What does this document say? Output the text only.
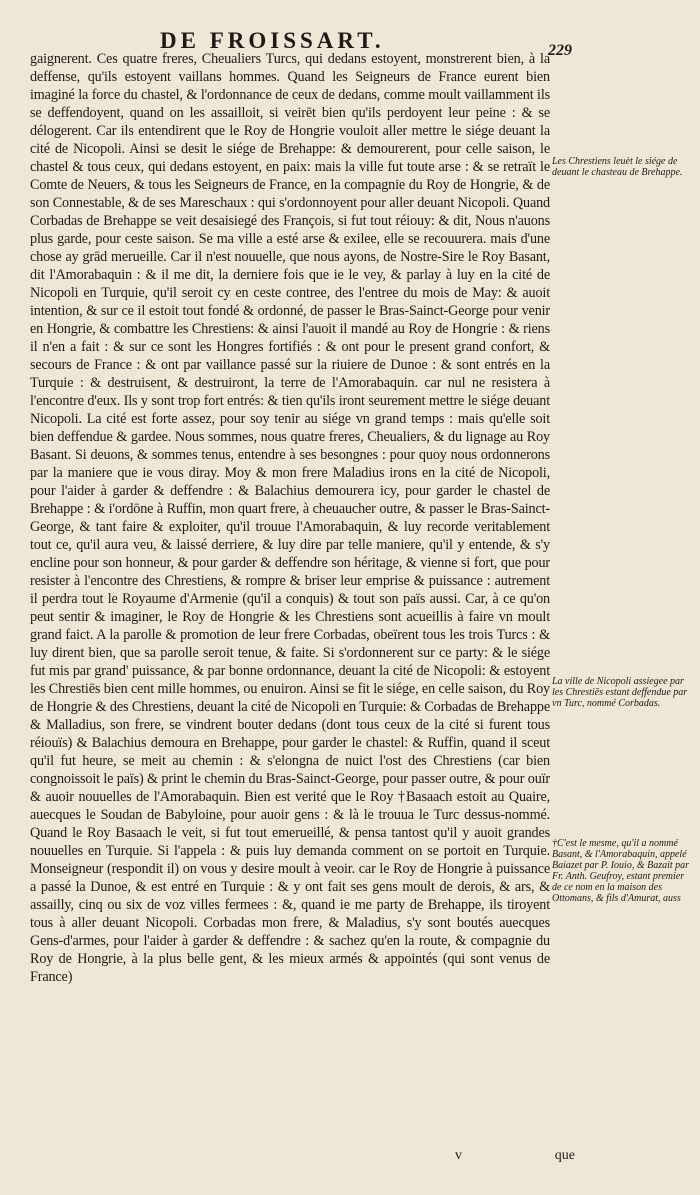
DE FROISSART.	229

gaignerent. Ces quatre freres, Cheualiers Turcs, qui dedans estoyent, monstrerent bien, à la deffense, qu'ils estoyent vaillans hommes. Quand les Seigneurs de France eurent bien imaginé la force du chastel, & l'ordonnance de ceux de dedans, comme moult vaillamment ils se deffendoyent, quand on les assailloit, si veirēt bien qu'ils perdoyent leur peine : & se délogerent. Car ils entendirent que le Roy de Hongrie vouloit aller mettre le siége deuant la cité de Nicopoli. Ainsi se desit le siége de Brehappe: & demourerent, pour celle saison, le chastel & tous ceux, qui dedans estoyent, en paix: mais la ville fut toute arse : & se retraït le Comte de Neuers, & tous les Seigneurs de France, en la compagnie du Roy de Hongrie, & de son Connestable, & de ses Mareschaux : qui s'ordonnoyent pour aller deuant Nicopoli. Quand Corbadas de Brehappe se veit desaisiegé des François, si fut tout réiouy: & dit, Nous n'auons plus garde, pour ceste saison. Se ma ville a esté arse & exilee, elle se recouurera. mais d'une chose ay grād merueille. Car il n'est nouuelle, que nous ayons, de Nostre-Sire le Roy Basant, dit l'Amorabaquin : & il me dit, la derniere fois que ie le vey, & parlay à luy en la cité de Nicopoli en Turquie, qu'il seroit cy en ceste contree, des l'entree du mois de May: & auoit intention, & sur ce il estoit tout fondé & ordonné, de passer le Bras-Sainct-George pour venir en Hongrie, & combattre les Chrestiens: & ainsi l'auoit il mandé au Roy de Hongrie : & riens il n'en a fait : & sur ce sont les Hongres fortifiés : & ont pour le present grand confort, & secours de France : & ont par vaillance passé sur la riuiere de Dunoe : & sont entrés en la Turquie : & destruisent, & destruiront, la terre de l'Amorabaquin. car nul ne resistera à l'encontre d'eux. Ils y sont trop fort entrés: & tien qu'ils iront seurement mettre le siége deuant Nicopoli. La cité est forte assez, pour soy tenir au siége vn grand temps : mais qu'elle soit bien deffendue & gardee. Nous sommes, nous quatre freres, Cheualiers, & du lignage au Roy Basant. Si deuons, & sommes tenus, entendre à ses besongnes : pour quoy nous ordonnerons par la maniere que ie vous diray. Moy & mon frere Maladius irons en la cité de Nicopoli, pour l'aider à garder & deffendre : & Balachius demourera icy, pour garder le chastel de Brehappe : & i'ordōne à Ruffin, mon quart frere, à cheuaucher outre, & passer le Bras-Sainct-George, & tant faire & exploiter, qu'il trouue l'Amorabaquin, & luy recorde veritablement tout ce, qu'il aura veu, & laissé derriere, & luy dire par telle maniere, qu'il y entende, & s'y encline pour son honneur, & pour garder & deffendre son héritage, & vienne si fort, que pour resister à l'encontre des Chrestiens, & rompre & briser leur emprise & puissance : autrement il perdra tout le Royaume d'Armenie (qu'il a conquis) & tout son païs aussi. Car, à ce qu'on peut sentir & imaginer, le Roy de Hongrie & les Chrestiens sont acueillis à faire vn moult grand faict. A la parolle & promotion de leur frere Corbadas, obeïrent tous les trois Turcs : & luy dirent bien, que sa parolle seroit tenue, & faite. Si s'ordonnerent sur ce party: & le siége fut mis par grand' puissance, & par bonne ordonnance, deuant la cité de Nicopoli: & estoyent les Chrestiēs bien cent mille hommes, ou enuiron. Ainsi se fit le siége, en celle saison, du Roy de Hongrie & des Chrestiens, deuant la cité de Nicopoli en Turquie: & Corbadas de Brehappe & Malladius, son frere, se vindrent bouter dedans (dont tous ceux de la cité si furent tous réiouïs) & Balachius demoura en Brehappe, pour garder le chastel: & Ruffin, quand il sceut qu'il fut heure, se meit au chemin : & s'elongna de nuict l'ost des Chrestiens (car bien congnoissoit le païs) & print le chemin du Bras-Sainct-George, pour passer outre, & pour ouïr & auoir nouuelles de l'Amorabaquin. Bien est verité que le Roy †Basaach estoit au Quaire, auecques le Soudan de Babyloine, pour auoir gens : & là le trouua le Turc dessus-nommé. Quand le Roy Basaach le veit, si fut tout emerueillé, & pensa tantost qu'il y auoit grandes nouuelles en Turquie. Si l'appela : & puis luy demanda comment on se portoit en Turquie. Monseigneur (respondit il) on vous y desire moult à veoir. car le Roy de Hongrie à puissance a passé la Dunoe, & est entré en Turquie : & y ont fait ses gens moult de derois, & ars, & assailly, cinq ou six de voz villes fermees : &, quand ie me party de Brehappe, ils tiroyent tous à aller deuant Nicopoli. Corbadas mon frere, & Maladius, s'y sont boutés auecques Gens-d'armes, pour l'aider à garder & deffendre : & sachez qu'en la route, & compagnie du Roy de Hongrie, à la plus belle gent, & les mieux armés & appointés (qui sont venus de France)

Les Chrestiens leuèt le siége de deuant le chasteau de Brehappe.

La ville de Nicopoli assiegee par les Chrestiēs estant deffendue par vn Turc, nommé Corbadas.

†C'est le mesme, qu'il a nommé Basant, & l'Amorabaquin, appelé Baiazet par P. Iouio, & Bazait par Fr. Anth. Geufroy, estant premier de ce nom en la maison des Ottomans, & fils d'Amurat, auss

v	que
